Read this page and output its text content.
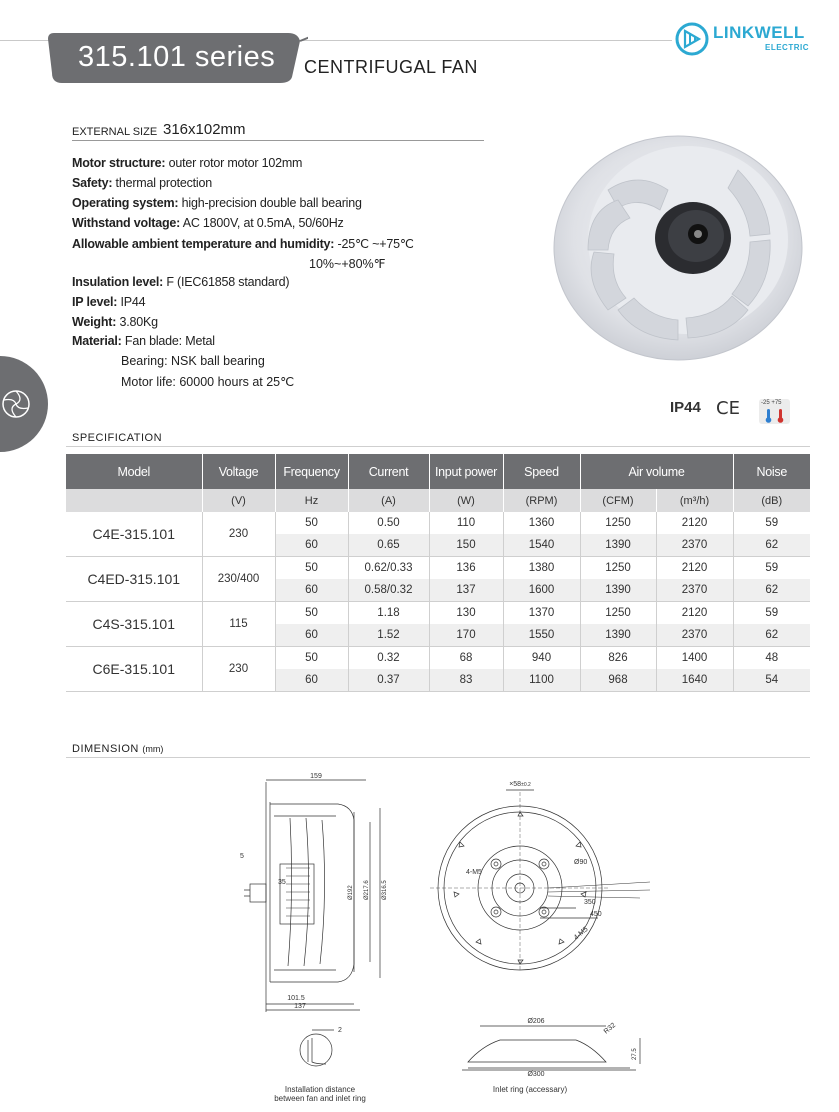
315.101 series CENTRIFUGAL FAN
LINKWELL
ELECTRIC
EXTERNAL SIZE 316x102mm
Motor structure: outer rotor motor 102mm
Safety: thermal protection
Operating system: high-precision double ball bearing
Withstand voltage: AC 1800V, at 0.5mA, 50/60Hz
Allowable ambient temperature and humidity: -25℃ ~+75℃
10%~+80%℉
Insulation level: F (IEC61858 standard)
IP level: IP44
Weight: 3.80Kg
Material: Fan blade: Metal
Bearing: NSK ball bearing
Motor life: 60000 hours at 25℃
IP44 CE	-25 +75
SPECIFICATION
Model	Voltage	Frequency	Current	Input power	Speed	Air volume		Noise
	(V)	Hz	(A)	(W)	(RPM)	(CFM)	(m³/h)	(dB)
C4E-315.101	230	50	0.50	110	1360	1250	2120	59
		60	0.65	150	1540	1390	2370	62
C4ED-315.101	230/400	50	0.62/0.33	136	1380	1250	2120	59
		60	0.58/0.32	137	1600	1390	2370	62
C4S-315.101	115	50	1.18	130	1370	1250	2120	59
		60	1.52	170	1550	1390	2370	62
C6E-315.101	230	50	0.32	68	940	826	1400	48
		60	0.37	83	1100	968	1640	54
DIMENSION (mm)
159
5
35
Ø192 Ø217.6 Ø316.5
101.5
137
×58±0.2
Ø90
4-M5
350
450
4-M5
2
Ø206
Ø300
R32
27.5
Installation distance
between fan and inlet ring
Inlet ring (accessary)
